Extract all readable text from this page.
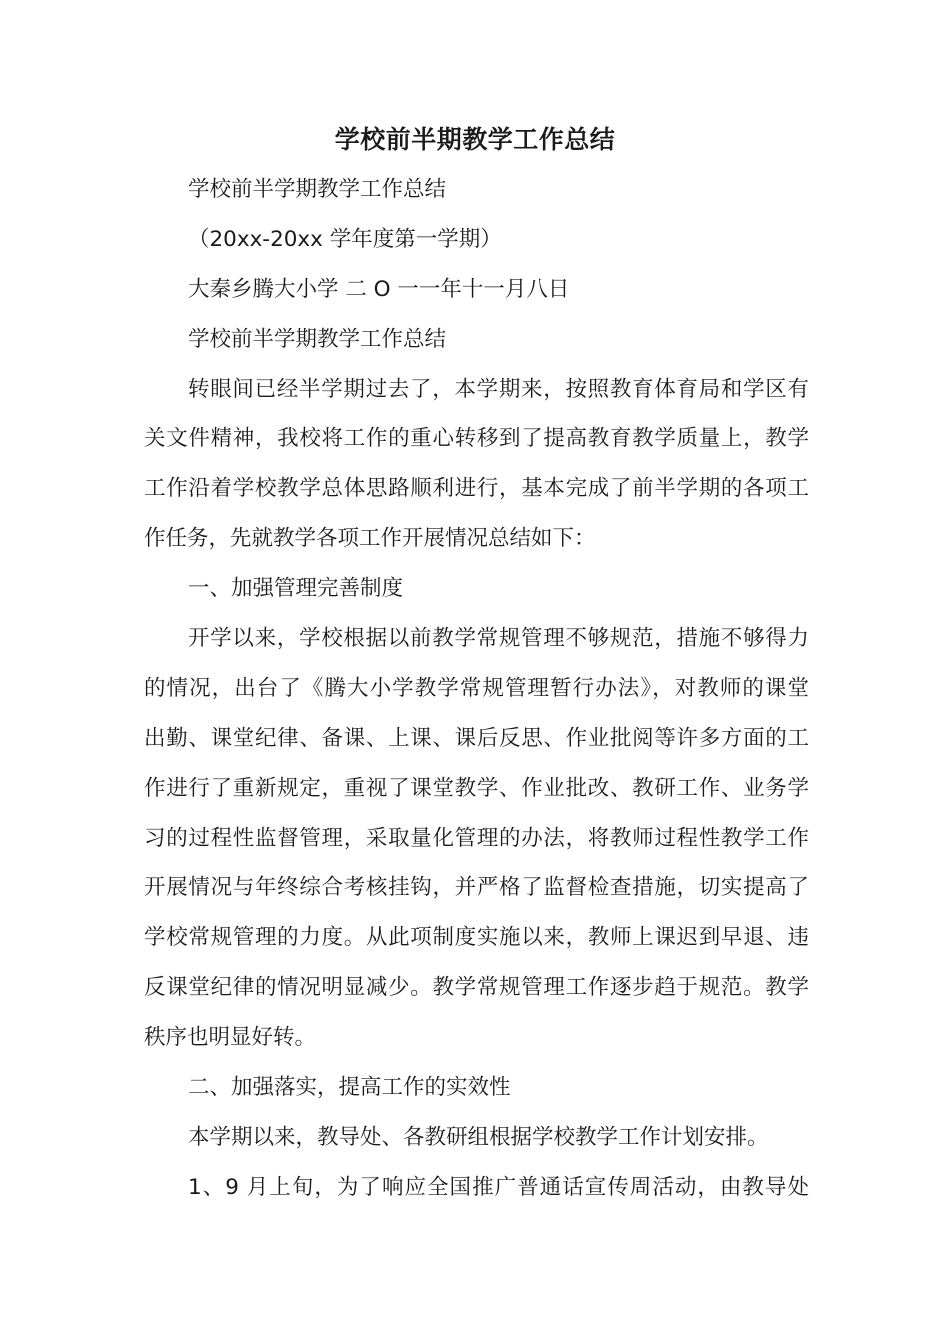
学校前半期教学工作总结
学校前半学期教学工作总结
（20xx-20xx 学年度第一学期）
大秦乡腾大小学 二 O 一一年十一月八日
学校前半学期教学工作总结
转眼间已经半学期过去了，本学期来，按照教育体育局和学区有
关文件精神，我校将工作的重心转移到了提高教育教学质量上，教学
工作沿着学校教学总体思路顺利进行，基本完成了前半学期的各项工
作任务，先就教学各项工作开展情况总结如下：
一、加强管理完善制度
开学以来，学校根据以前教学常规管理不够规范，措施不够得力
的情况，出台了《腾大小学教学常规管理暂行办法》，对教师的课堂
出勤、课堂纪律、备课、上课、课后反思、作业批阅等许多方面的工
作进行了重新规定，重视了课堂教学、作业批改、教研工作、业务学
习的过程性监督管理，采取量化管理的办法，将教师过程性教学工作
开展情况与年终综合考核挂钩，并严格了监督检查措施，切实提高了
学校常规管理的力度。从此项制度实施以来，教师上课迟到早退、违
反课堂纪律的情况明显减少。教学常规管理工作逐步趋于规范。教学
秩序也明显好转。
二、加强落实，提高工作的实效性
本学期以来，教导处、各教研组根据学校教学工作计划安排。
1、9 月上旬，为了响应全国推广普通话宣传周活动，由教导处
